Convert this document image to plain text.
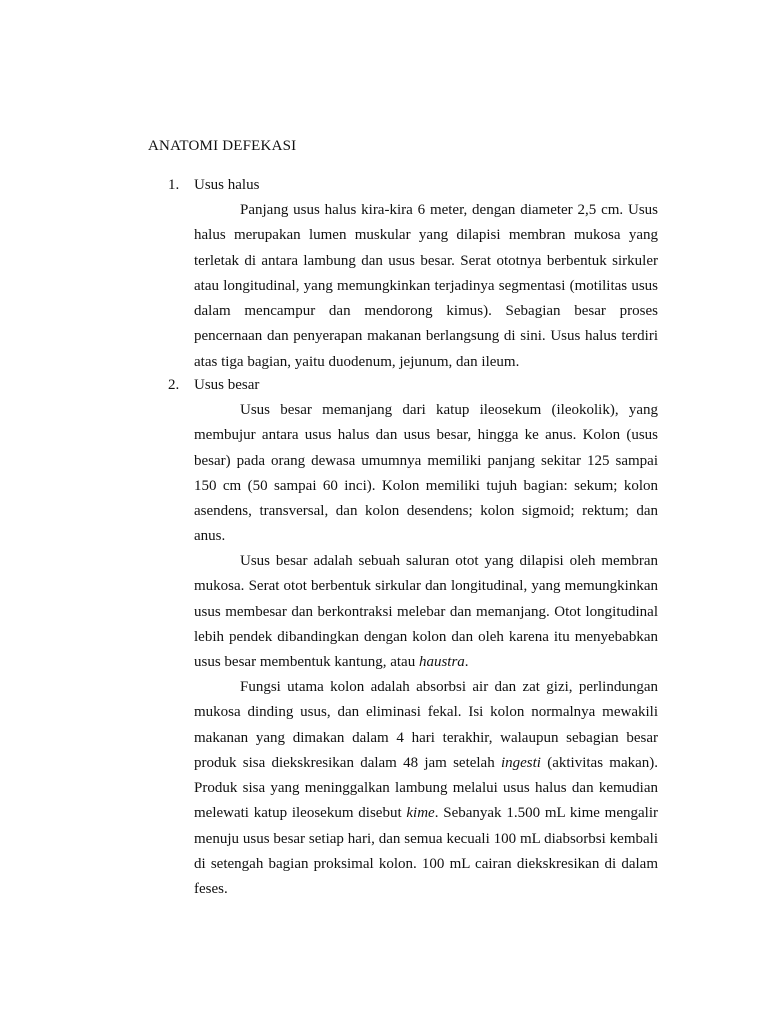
ANATOMI DEFEKASI
1. Usus halus

Panjang usus halus kira-kira 6 meter, dengan diameter 2,5 cm. Usus halus merupakan lumen muskular yang dilapisi membran mukosa yang terletak di antara lambung dan usus besar. Serat ototnya berbentuk sirkuler atau longitudinal, yang memungkinkan terjadinya segmentasi (motilitas usus dalam mencampur dan mendorong kimus). Sebagian besar proses pencernaan dan penyerapan makanan berlangsung di sini. Usus halus terdiri atas tiga bagian, yaitu duodenum, jejunum, dan ileum.

2. Usus besar

Usus besar memanjang dari katup ileosekum (ileokolik), yang membujur antara usus halus dan usus besar, hingga ke anus. Kolon (usus besar) pada orang dewasa umumnya memiliki panjang sekitar 125 sampai 150 cm (50 sampai 60 inci). Kolon memiliki tujuh bagian: sekum; kolon asendens, transversal, dan kolon desendens; kolon sigmoid; rektum; dan anus.

Usus besar adalah sebuah saluran otot yang dilapisi oleh membran mukosa. Serat otot berbentuk sirkular dan longitudinal, yang memungkinkan usus membesar dan berkontraksi melebar dan memanjang. Otot longitudinal lebih pendek dibandingkan dengan kolon dan oleh karena itu menyebabkan usus besar membentuk kantung, atau haustra.

Fungsi utama kolon adalah absorbsi air dan zat gizi, perlindungan mukosa dinding usus, dan eliminasi fekal. Isi kolon normalnya mewakili makanan yang dimakan dalam 4 hari terakhir, walaupun sebagian besar produk sisa diekskresikan dalam 48 jam setelah ingesti (aktivitas makan). Produk sisa yang meninggalkan lambung melalui usus halus dan kemudian melewati katup ileosekum disebut kime. Sebanyak 1.500 mL kime mengalir menuju usus besar setiap hari, dan semua kecuali 100 mL diabsorbsi kembali di setengah bagian proksimal kolon. 100 mL cairan diekskresikan di dalam feses.
